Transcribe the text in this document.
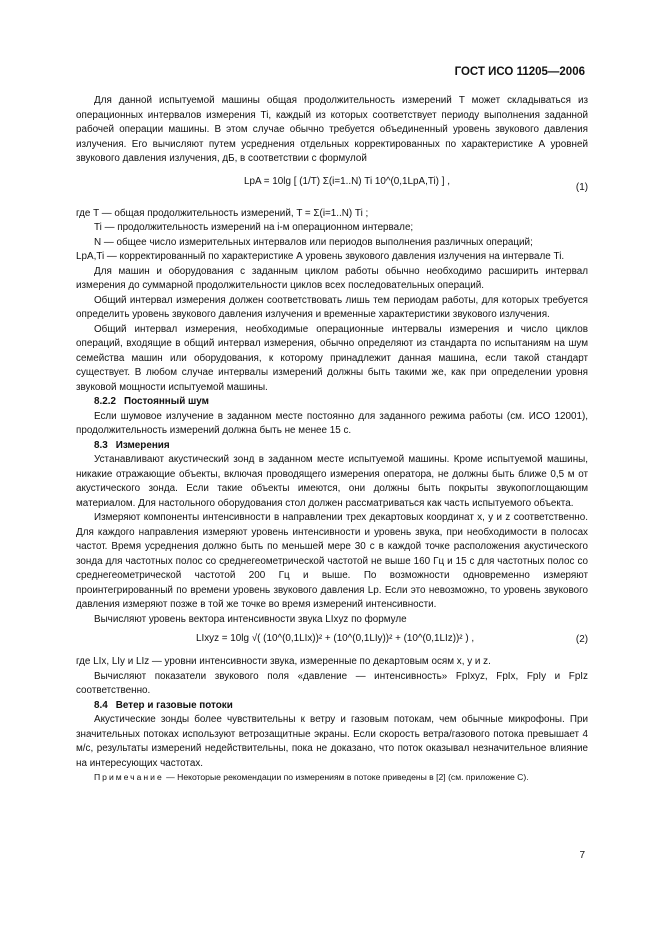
ГОСТ ИСО 11205—2006

Для данной испытуемой машины общая продолжительность измерений T может складываться из операционных интервалов измерения Ti, каждый из которых соответствует периоду выполнения заданной рабочей операции машины. В этом случае обычно требуется объединенный уровень звукового давления излучения. Его вычисляют путем усреднения отдельных корректированных по характеристике А уровней звукового давления излучения, дБ, в соответствии с формулой

LpA = 10lg [ (1/T) Σ(i=1..N) Ti 10^(0,1LpA,Ti) ] ,
(1)

где T — общая продолжительность измерений, T = Σ(i=1..N) Ti ;

Ti — продолжительность измерений на i-м операционном интервале;

N — общее число измерительных интервалов или периодов выполнения различных операций;

LpA,Ti — корректированный по характеристике А уровень звукового давления излучения на интервале Ti.

Для машин и оборудования с заданным циклом работы обычно необходимо расширить интервал измерения до суммарной продолжительности циклов всех последовательных операций.

Общий интервал измерения должен соответствовать лишь тем периодам работы, для которых требуется определить уровень звукового давления излучения и временные характеристики звукового излучения.

Общий интервал измерения, необходимые операционные интервалы измерения и число циклов операций, входящие в общий интервал измерения, обычно определяют из стандарта по испытаниям на шум семейства машин или оборудования, к которому принадлежит данная машина, если такой стандарт существует. В любом случае интервалы измерений должны быть такими же, как при определении уровня звуковой мощности испытуемой машины.

8.2.2 Постоянный шум

Если шумовое излучение в заданном месте постоянно для заданного режима работы (см. ИСО 12001), продолжительность измерений должна быть не менее 15 с.

8.3 Измерения

Устанавливают акустический зонд в заданном месте испытуемой машины. Кроме испытуемой машины, никакие отражающие объекты, включая проводящего измерения оператора, не должны быть ближе 0,5 м от акустического зонда. Если такие объекты имеются, они должны быть покрыты звукопоглощающим материалом. Для настольного оборудования стол должен рассматриваться как часть испытуемого объекта.

Измеряют компоненты интенсивности в направлении трех декартовых координат x, y и z соответственно. Для каждого направления измеряют уровень интенсивности и уровень звука, при необходимости в полосах частот. Время усреднения должно быть по меньшей мере 30 с в каждой точке расположения акустического зонда для частотных полос со среднегеометрической частотой не выше 160 Гц и 15 с для частотных полос со среднегеометрической частотой 200 Гц и выше. По возможности одновременно измеряют проинтегрированный по времени уровень звукового давления Lp. Если это невозможно, то уровень звукового давления измеряют позже в той же точке во время измерений интенсивности.

Вычисляют уровень вектора интенсивности звука LIxyz по формуле

LIxyz = 10lg √( (10^(0,1LIx))² + (10^(0,1LIy))² + (10^(0,1LIz))² ) ,	(2)

где LIx, LIy и LIz — уровни интенсивности звука, измеренные по декартовым осям x, y и z.

Вычисляют показатели звукового поля «давление — интенсивность» FpIxyz, FpIx, FpIy и FpIz соответственно.

8.4 Ветер и газовые потоки

Акустические зонды более чувствительны к ветру и газовым потокам, чем обычные микрофоны. При значительных потоках используют ветрозащитные экраны. Если скорость ветра/газового потока превышает 4 м/с, результаты измерений недействительны, пока не доказано, что поток оказывал незначительное влияние на интересующих частотах.

Примечание — Некоторые рекомендации по измерениям в потоке приведены в [2] (см. приложение С).

7
